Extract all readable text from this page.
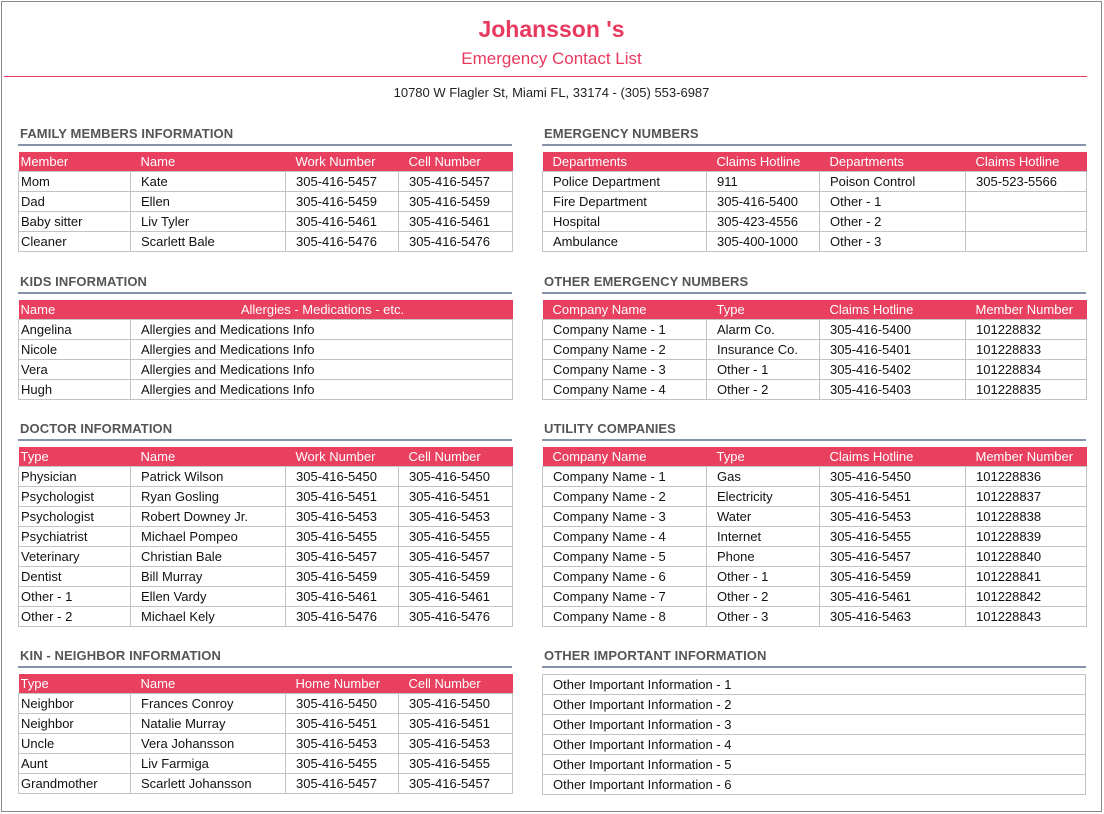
Johansson 's
Emergency Contact List
10780 W Flagler St, Miami FL, 33174 - (305) 553-6987
FAMILY MEMBERS INFORMATION
Member	Name	Work Number	Cell Number
Mom	Kate	305-416-5457	305-416-5457
Dad	Ellen	305-416-5459	305-416-5459
Baby sitter	Liv Tyler	305-416-5461	305-416-5461
Cleaner	Scarlett Bale	305-416-5476	305-416-5476
EMERGENCY NUMBERS
Departments	Claims Hotline	Departments	Claims Hotline
Police Department	911	Poison Control	305-523-5566
Fire Department	305-416-5400	Other - 1	
Hospital	305-423-4556	Other - 2	
Ambulance	305-400-1000	Other - 3	
KIDS INFORMATION
Name	Allergies - Medications - etc.
Angelina	Allergies and Medications Info
Nicole	Allergies and Medications Info
Vera	Allergies and Medications Info
Hugh	Allergies and Medications Info
OTHER EMERGENCY NUMBERS
Company Name	Type	Claims Hotline	Member Number
Company Name - 1	Alarm Co.	305-416-5400	101228832
Company Name - 2	Insurance Co.	305-416-5401	101228833
Company Name - 3	Other - 1	305-416-5402	101228834
Company Name - 4	Other - 2	305-416-5403	101228835
DOCTOR INFORMATION
Type	Name	Work Number	Cell Number
Physician	Patrick Wilson	305-416-5450	305-416-5450
Psychologist	Ryan Gosling	305-416-5451	305-416-5451
Psychologist	Robert Downey Jr.	305-416-5453	305-416-5453
Psychiatrist	Michael Pompeo	305-416-5455	305-416-5455
Veterinary	Christian Bale	305-416-5457	305-416-5457
Dentist	Bill Murray	305-416-5459	305-416-5459
Other - 1	Ellen Vardy	305-416-5461	305-416-5461
Other - 2	Michael Kely	305-416-5476	305-416-5476
UTILITY COMPANIES
Company Name	Type	Claims Hotline	Member Number
Company Name - 1	Gas	305-416-5450	101228836
Company Name - 2	Electricity	305-416-5451	101228837
Company Name - 3	Water	305-416-5453	101228838
Company Name - 4	Internet	305-416-5455	101228839
Company Name - 5	Phone	305-416-5457	101228840
Company Name - 6	Other - 1	305-416-5459	101228841
Company Name - 7	Other - 2	305-416-5461	101228842
Company Name - 8	Other - 3	305-416-5463	101228843
KIN - NEIGHBOR INFORMATION
Type	Name	Home Number	Cell Number
Neighbor	Frances Conroy	305-416-5450	305-416-5450
Neighbor	Natalie Murray	305-416-5451	305-416-5451
Uncle	Vera Johansson	305-416-5453	305-416-5453
Aunt	Liv Farmiga	305-416-5455	305-416-5455
Grandmother	Scarlett Johansson	305-416-5457	305-416-5457
OTHER IMPORTANT INFORMATION
Other Important Information - 1
Other Important Information - 2
Other Important Information - 3
Other Important Information - 4
Other Important Information - 5
Other Important Information - 6
